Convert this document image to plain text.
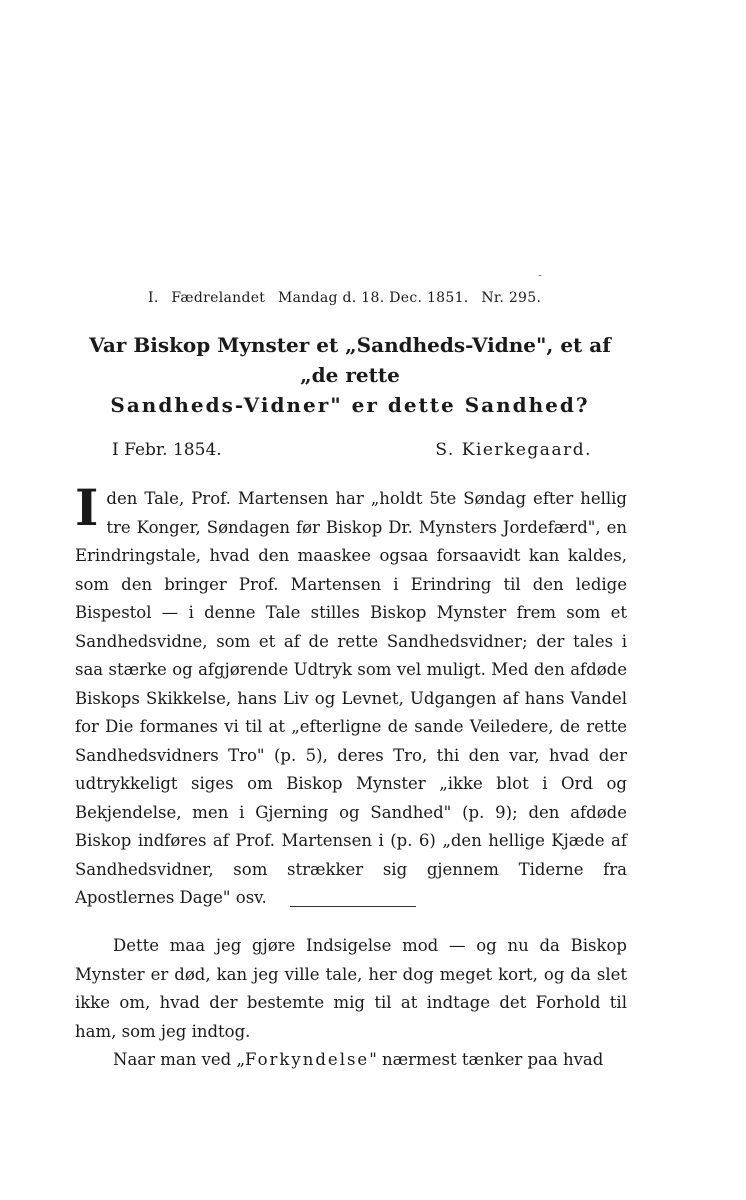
-
I. Fædrelandet Mandag d. 18. Dec. 1851. Nr. 295.
Var Biskop Mynster et „Sandheds-Vidne", et af „de rette
Sandheds-Vidner" er dette Sandhed?
I Febr. 1854.	S. Kierkegaard.
Iden Tale, Prof. Martensen har „holdt 5te Søndag efter hellig tre Konger, Søndagen før Biskop Dr. Mynsters Jordefærd", en Erindringstale, hvad den maaskee ogsaa forsaavidt kan kaldes, som den bringer Prof. Martensen i Erindring til den ledige Bispestol — i denne Tale stilles Biskop Mynster frem som et Sandhedsvidne, som et af de rette Sandhedsvidner; der tales i saa stærke og afgjørende Udtryk som vel muligt. Med den afdøde Biskops Skikkelse, hans Liv og Levnet, Udgangen af hans Vandel for Die formanes vi til at „efterligne de sande Veiledere, de rette Sandhedsvidners Tro" (p. 5), deres Tro, thi den var, hvad der udtrykkeligt siges om Biskop Mynster „ikke blot i Ord og Bekjendelse, men i Gjerning og Sandhed" (p. 9); den afdøde Biskop indføres af Prof. Martensen i (p. 6) „den hellige Kjæde af Sandhedsvidner, som strækker sig gjennem Tiderne fra Apostlernes Dage" osv.
Dette maa jeg gjøre Indsigelse mod — og nu da Biskop Mynster er død, kan jeg ville tale, her dog meget kort, og da slet ikke om, hvad der bestemte mig til at indtage det Forhold til ham, som jeg indtog.
Naar man ved „Forkyndelse" nærmest tænker paa hvad
